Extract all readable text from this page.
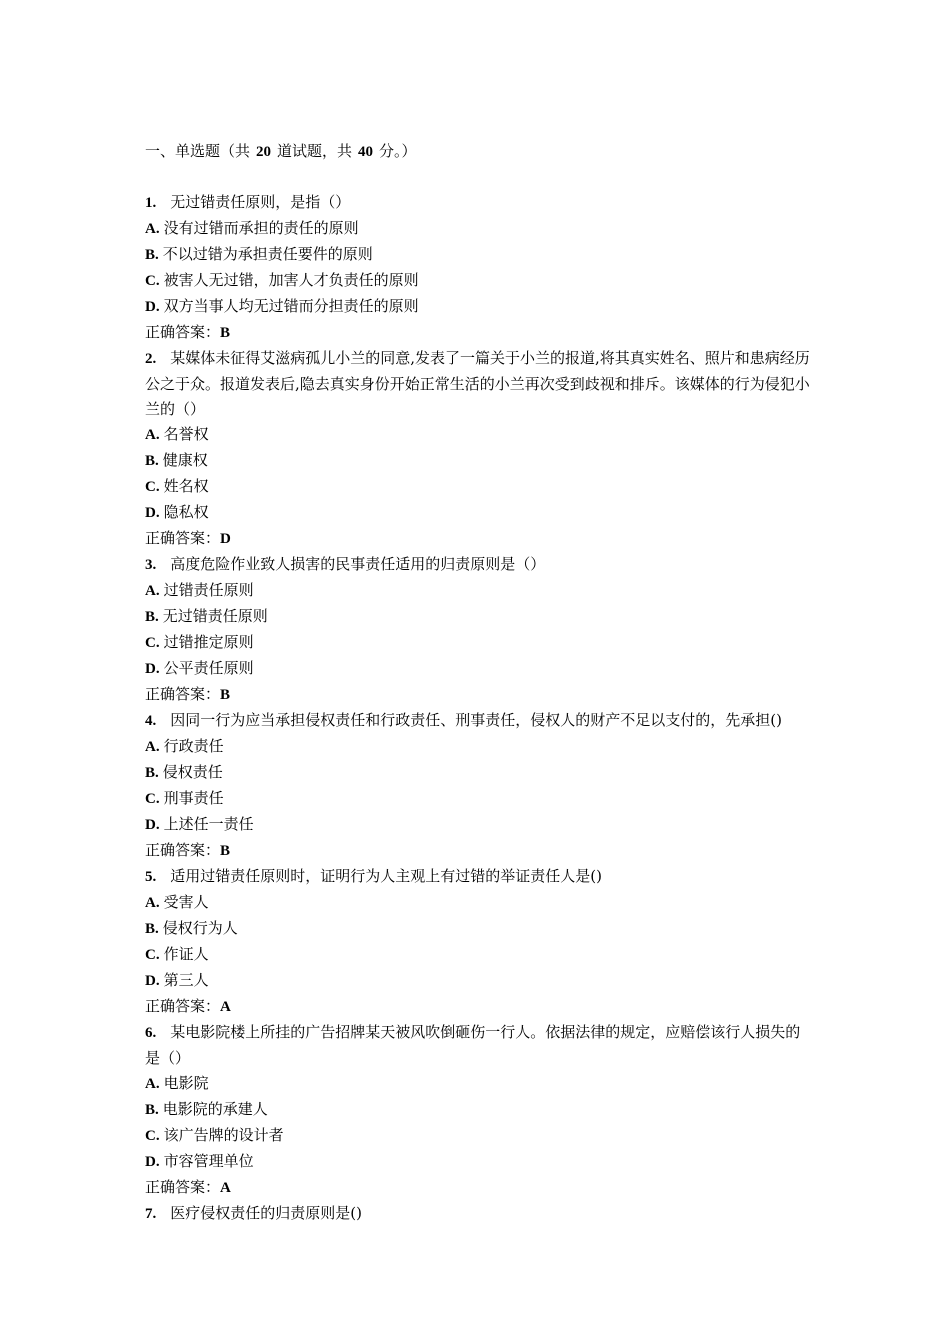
一、单选题（共 20 道试题，共 40 分。）

1. 无过错责任原则，是指（）

A. 没有过错而承担的责任的原则

B. 不以过错为承担责任要件的原则

C. 被害人无过错，加害人才负责任的原则

D. 双方当事人均无过错而分担责任的原则

正确答案：B

2. 某媒体未征得艾滋病孤儿小兰的同意,发表了一篇关于小兰的报道,将其真实姓名、照片和患病经历公之于众。报道发表后,隐去真实身份开始正常生活的小兰再次受到歧视和排斥。该媒体的行为侵犯小兰的（）

A. 名誉权

B. 健康权

C. 姓名权

D. 隐私权

正确答案：D

3. 高度危险作业致人损害的民事责任适用的归责原则是（）

A. 过错责任原则

B. 无过错责任原则

C. 过错推定原则

D. 公平责任原则

正确答案：B

4. 因同一行为应当承担侵权责任和行政责任、刑事责任，侵权人的财产不足以支付的，先承担()

A. 行政责任

B. 侵权责任

C. 刑事责任

D. 上述任一责任

正确答案：B

5. 适用过错责任原则时，证明行为人主观上有过错的举证责任人是()

A. 受害人

B. 侵权行为人

C. 作证人

D. 第三人

正确答案：A

6. 某电影院楼上所挂的广告招牌某天被风吹倒砸伤一行人。依据法律的规定，应赔偿该行人损失的是（）

A. 电影院

B. 电影院的承建人

C. 该广告牌的设计者

D. 市容管理单位

正确答案：A

7. 医疗侵权责任的归责原则是()
